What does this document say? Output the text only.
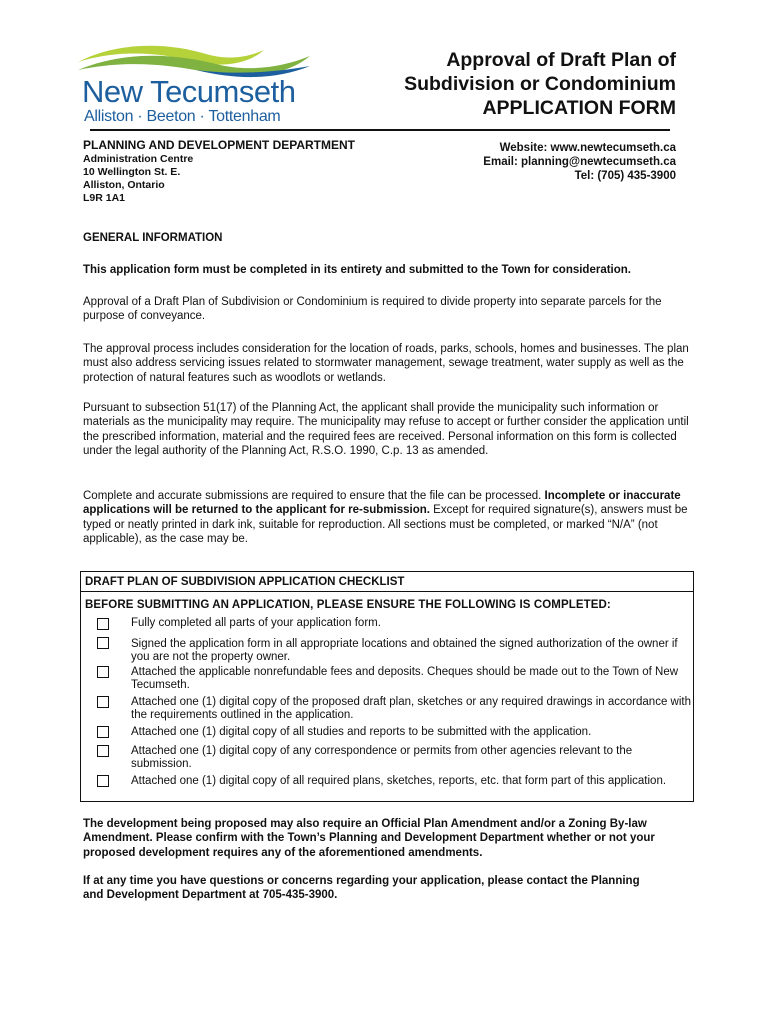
New Tecumseth
Alliston · Beeton · Tottenham
Approval of Draft Plan of
Subdivision or Condominium
APPLICATION FORM
PLANNING AND DEVELOPMENT DEPARTMENT
Administration Centre
10 Wellington St. E.
Alliston, Ontario
L9R 1A1
Website: www.newtecumseth.ca
Email: planning@newtecumseth.ca
Tel: (705) 435-3900
GENERAL INFORMATION
This application form must be completed in its entirety and submitted to the Town for consideration.
Approval of a Draft Plan of Subdivision or Condominium is required to divide property into separate parcels for the purpose of conveyance.
The approval process includes consideration for the location of roads, parks, schools, homes and businesses. The plan must also address servicing issues related to stormwater management, sewage treatment, water supply as well as the protection of natural features such as woodlots or wetlands.
Pursuant to subsection 51(17) of the Planning Act, the applicant shall provide the municipality such information or materials as the municipality may require. The municipality may refuse to accept or further consider the application until the prescribed information, material and the required fees are received. Personal information on this form is collected under the legal authority of the Planning Act, R.S.O. 1990, C.p. 13 as amended.
Complete and accurate submissions are required to ensure that the file can be processed. Incomplete or inaccurate applications will be returned to the applicant for re-submission. Except for required signature(s), answers must be typed or neatly printed in dark ink, suitable for reproduction. All sections must be completed, or marked “N/A” (not applicable), as the case may be.
DRAFT PLAN OF SUBDIVISION APPLICATION CHECKLIST
BEFORE SUBMITTING AN APPLICATION, PLEASE ENSURE THE FOLLOWING IS COMPLETED:
Fully completed all parts of your application form.
Signed the application form in all appropriate locations and obtained the signed authorization of the owner if you are not the property owner.
Attached the applicable nonrefundable fees and deposits. Cheques should be made out to the Town of New Tecumseth.
Attached one (1) digital copy of the proposed draft plan, sketches or any required drawings in accordance with the requirements outlined in the application.
Attached one (1) digital copy of all studies and reports to be submitted with the application.
Attached one (1) digital copy of any correspondence or permits from other agencies relevant to the submission.
Attached one (1) digital copy of all required plans, sketches, reports, etc. that form part of this application.
The development being proposed may also require an Official Plan Amendment and/or a Zoning By-law Amendment. Please confirm with the Town’s Planning and Development Department whether or not your proposed development requires any of the aforementioned amendments.
If at any time you have questions or concerns regarding your application, please contact the Planning and Development Department at 705-435-3900.
